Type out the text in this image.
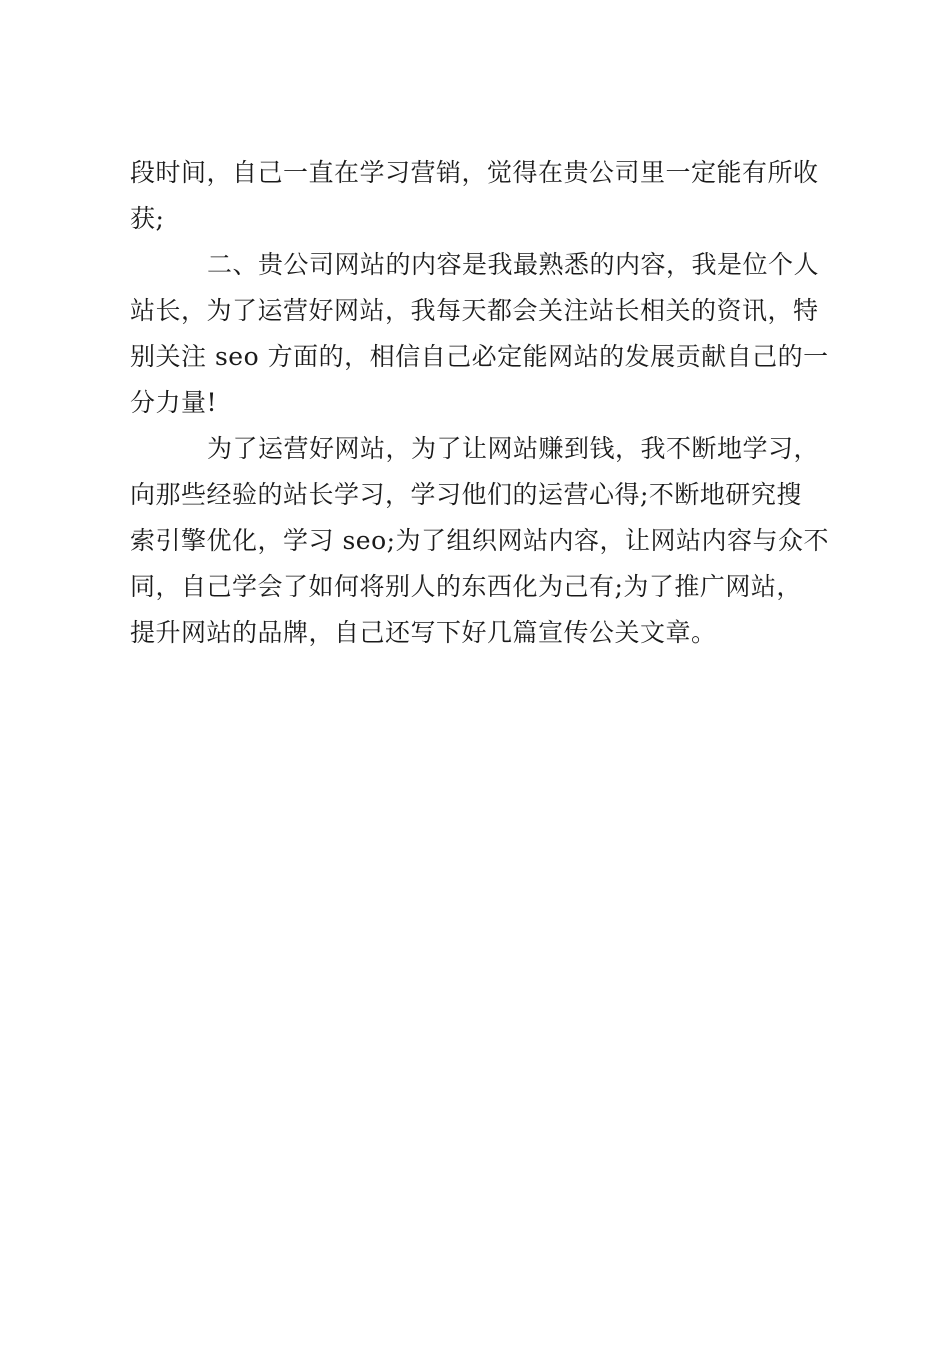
段时间，自己一直在学习营销，觉得在贵公司里一定能有所收
获;
二、贵公司网站的内容是我最熟悉的内容，我是位个人
站长，为了运营好网站，我每天都会关注站长相关的资讯，特
别关注 seo 方面的，相信自己必定能网站的发展贡献自己的一
分力量!
为了运营好网站，为了让网站赚到钱，我不断地学习，
向那些经验的站长学习，学习他们的运营心得;不断地研究搜
索引擎优化，学习 seo;为了组织网站内容，让网站内容与众不
同，自己学会了如何将别人的东西化为己有;为了推广网站，
提升网站的品牌，自己还写下好几篇宣传公关文章。
